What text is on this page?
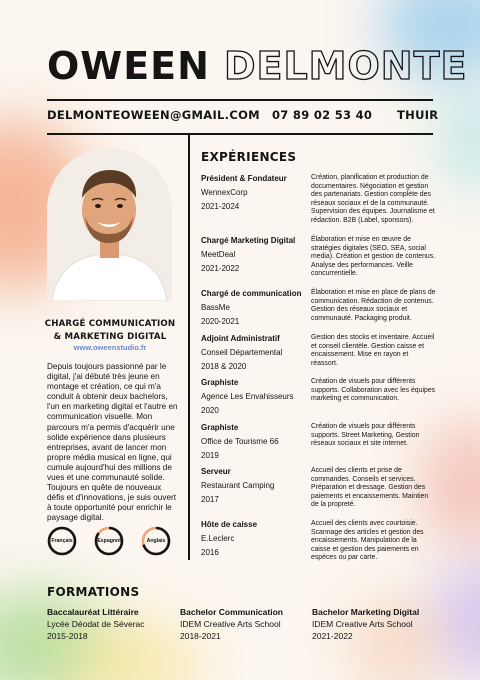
OWEEN DELMONTE
DELMONTEOWEEN@GMAIL.COM 07 89 02 53 40 THUIR
CHARGÉ COMMUNICATION & MARKETING DIGITAL
www.oweenstudio.fr
Depuis toujours passionné par le digital, j'ai débuté très jeune en montage et création, ce qui m'a conduit à obtenir deux bachelors, l'un en marketing digital et l'autre en communication visuelle. Mon parcours m'a permis d'acquérir une solide expérience dans plusieurs entreprises, avant de lancer mon propre média musical en ligne, qui cumule aujourd'hui des millions de vues et une communauté solide. Toujours en quête de nouveaux défis et d'innovations, je suis ouvert à toute opportunité pour enrichir le paysage digital.
Français	Espagnol	Anglais
EXPÉRIENCES
Président & Fondateur
WennexCorp
2021-2024
Création, planification et production de documentaires. Négociation et gestion des partenariats. Gestion complète des réseaux sociaux et de la communauté. Supervision des équipes. Journalisme et rédaction. B2B (Label, sponsors).
Chargé Marketing Digital
MeetDeal
2021-2022
Élaboration et mise en œuvre de stratégies digitales (SEO, SEA, social media). Création et gestion de contenus. Analyse des performances. Veille concurrentielle.
Chargé de communication
BassMe
2020-2021
Élaboration et mise en place de plans de communication. Rédaction de contenus. Gestion des réseaux sociaux et communauté. Packaging produit.
Adjoint Administratif
Conseil Départemental
2018 & 2020
Gestion des stocks et inventaire. Accueil et conseil clientèle. Gestion caisse et encaissement. Mise en rayon et réassort.
Graphiste
Agence Les Envahisseurs
2020
Création de visuels pour différents supports. Collaboration avec les équipes marketing et communication.
Graphiste
Office de Tourisme 66
2019
Création de visuels pour différents supports. Street Marketing, Gestion réseaux sociaux et site internet.
Serveur
Restaurant Camping
2017
Accueil des clients et prise de commandes. Conseils et services. Préparation et dressage. Gestion des paiements et encaissements. Maintien de la propreté.
Hôte de caisse
E.Leclerc
2016
Accueil des clients avec courtoisie. Scannage des articles et gestion des encaissements. Manipulation de la caisse et gestion des paiements en espèces ou par carte.
FORMATIONS
Baccalauréat Littéraire
Lycée Déodat de Séverac
2015-2018
Bachelor Communication
IDEM Creative Arts School
2018-2021
Bachelor Marketing Digital
IDEM Creative Arts School
2021-2022
